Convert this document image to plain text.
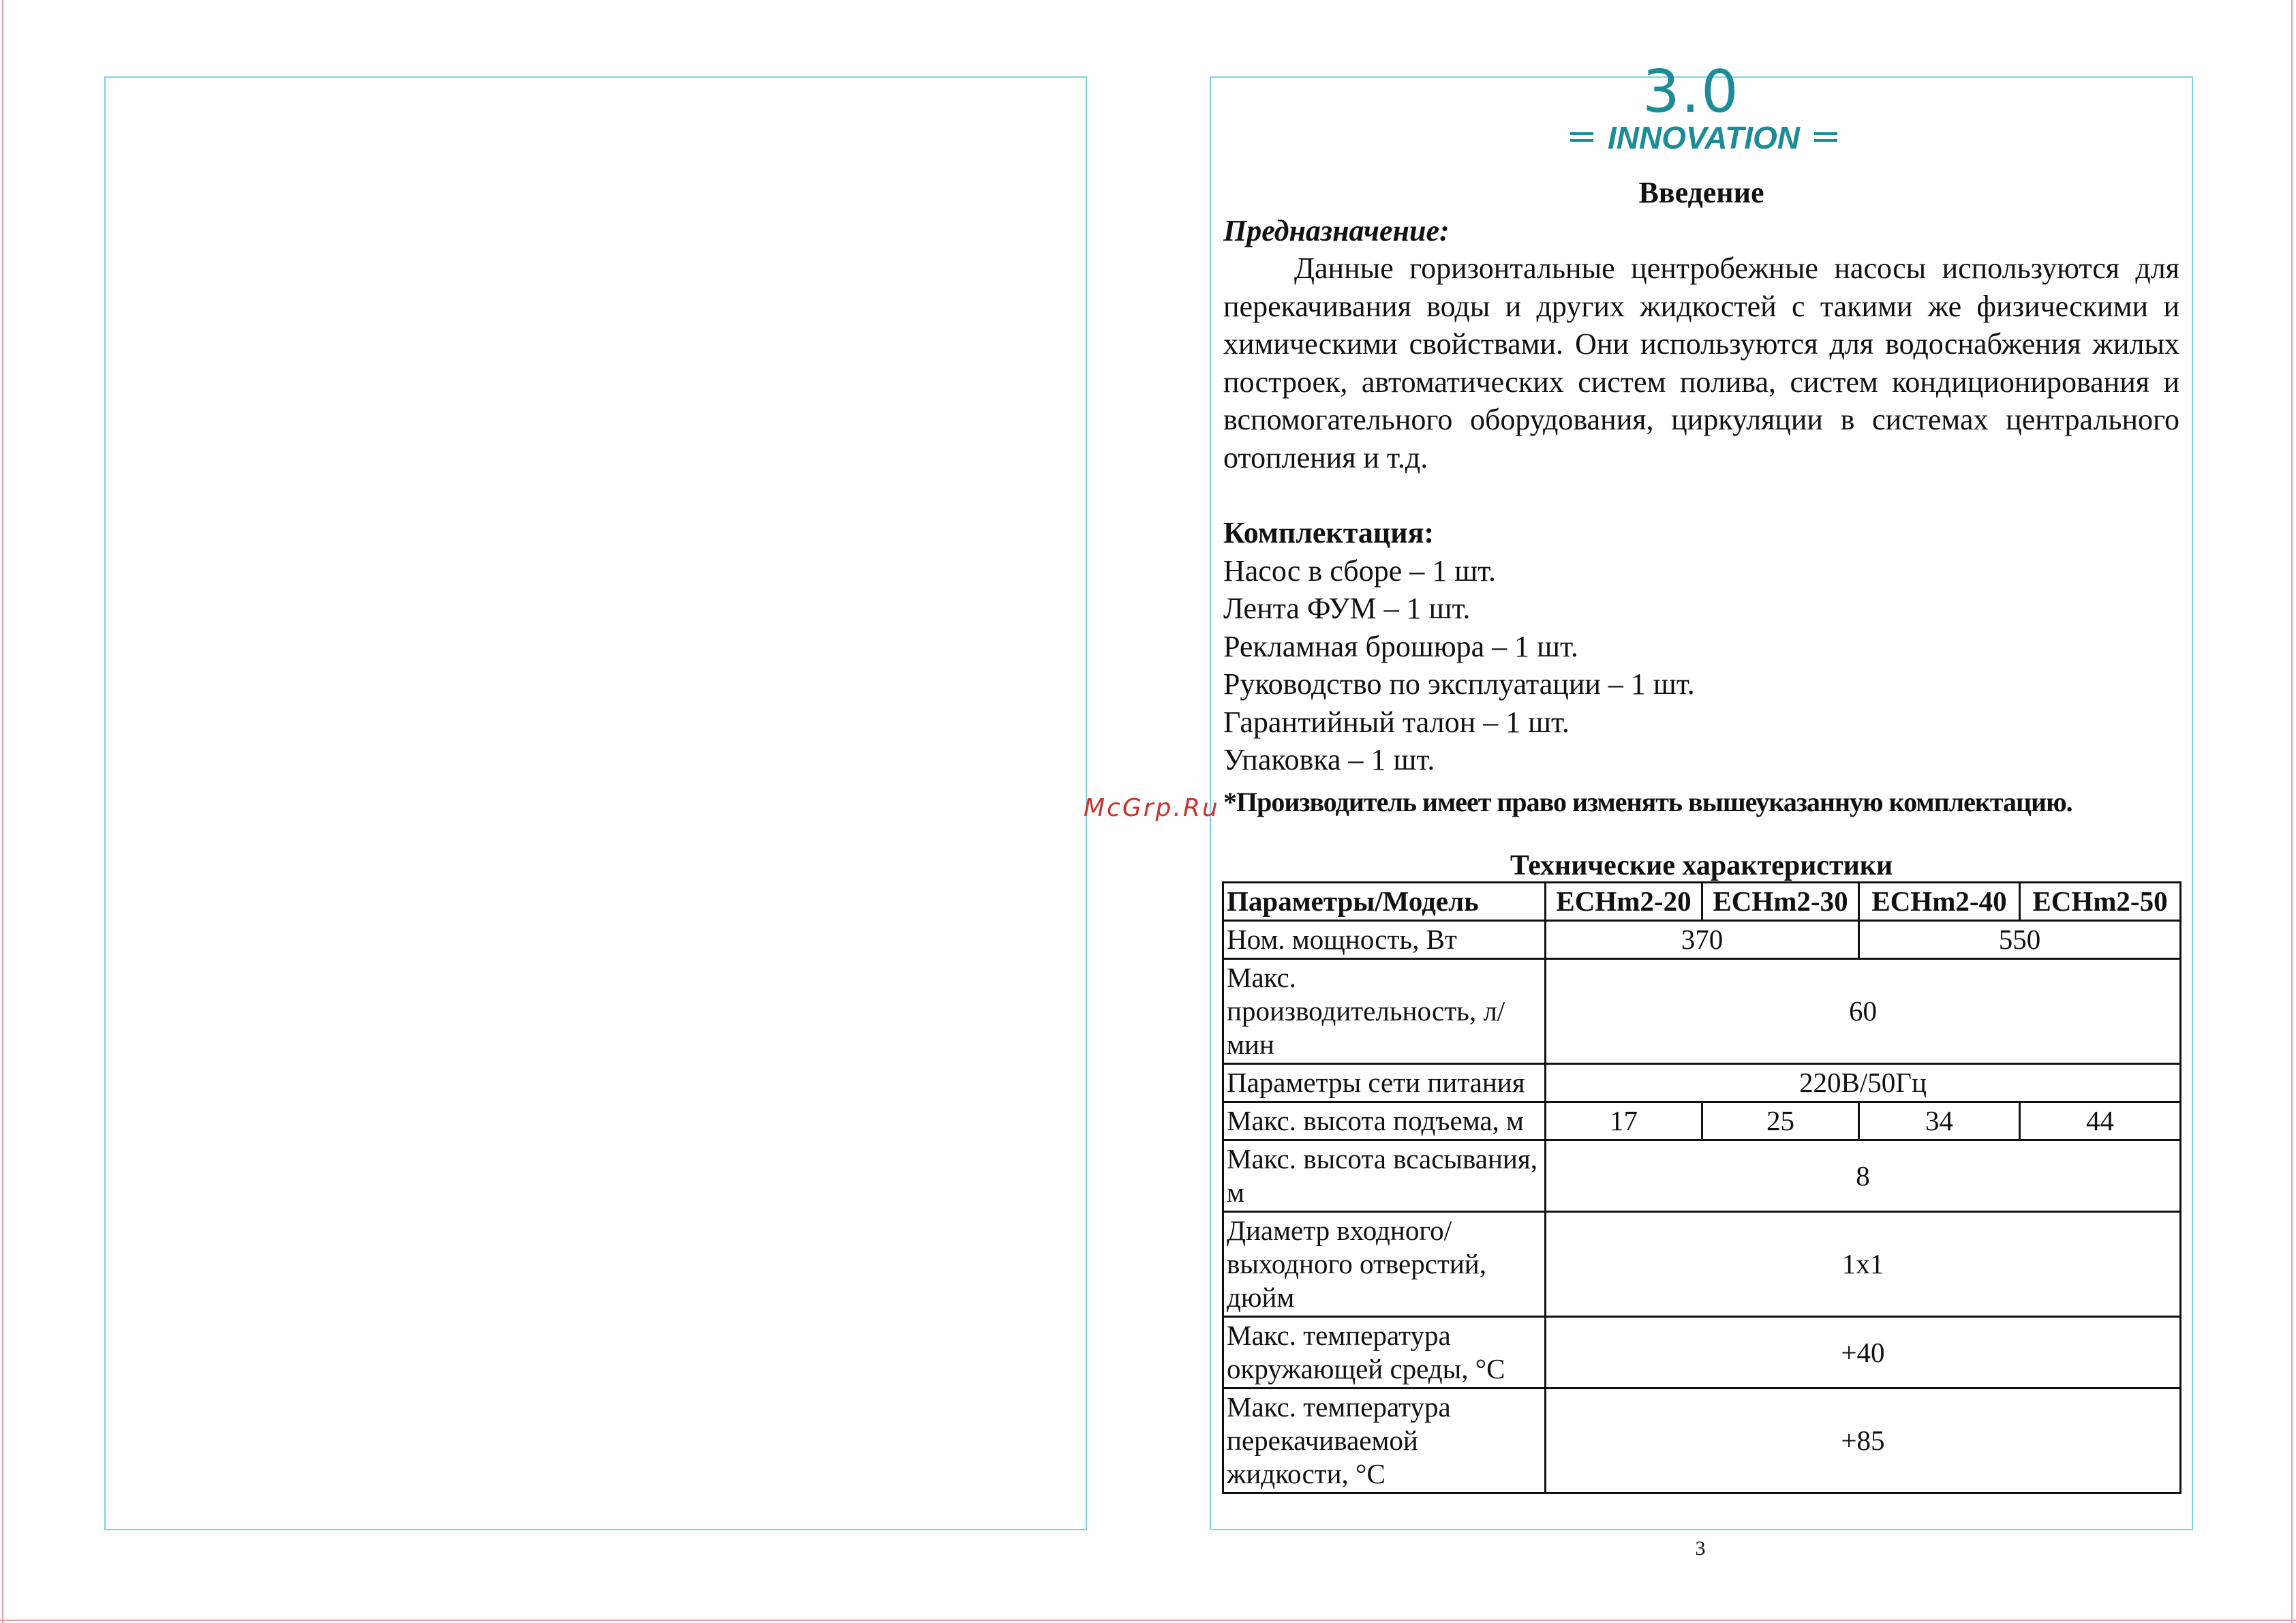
3.0
INNOVATION

Введение

Предназначение:

Данные горизонтальные центробежные насосы используются для перекачивания воды и других жидкостей с такими же физическими и химическими свойствами. Они используются для водоснабжения жилых построек, автоматических систем полива, систем кондиционирования и вспомогательного оборудования, циркуляции в системах центрального отопления и т.д.

Комплектация:

Насос в сборе – 1 шт.
Лента ФУМ – 1 шт.
Рекламная брошюра – 1 шт.
Руководство по эксплуатации – 1 шт.
Гарантийный талон – 1 шт.
Упаковка – 1 шт.
*Производитель имеет право изменять вышеуказанную комплектацию.
McGrp.Ru
Технические характеристики
Параметры/Модель	ECHm2-20	ECHm2-30	ECHm2-40	ECHm2-50
Ном. мощность, Вт	370		550	
Макс. производительность, л/мин	60			
Параметры сети питания	220В/50Гц			
Макс. высота подъема, м	17	25	34	44
Макс. высота всасывания, м	8			
Диаметр входного/выходного отверстий, дюйм	1x1			
Макс. температура окружающей среды, °С	+40			
Макс. температура перекачиваемой жидкости, °С	+85			
3
